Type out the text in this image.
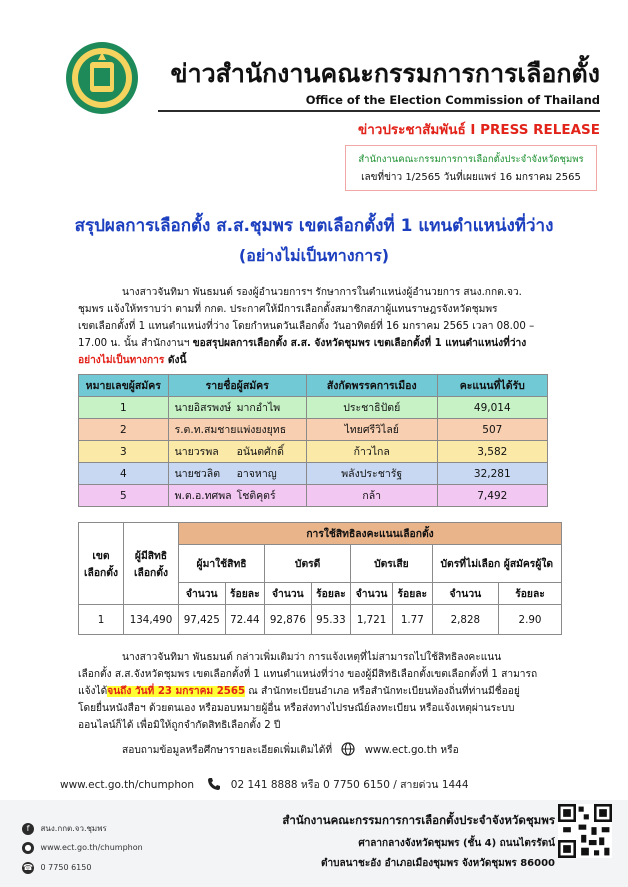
ข่าวสำนักงานคณะกรรมการการเลือกตั้ง
Office of the Election Commission of Thailand
ข่าวประชาสัมพันธ์ I PRESS RELEASE
สำนักงานคณะกรรมการการเลือกตั้งประจำจังหวัดชุมพร
เลขที่ข่าว 1/2565 วันที่เผยแพร่ 16 มกราคม 2565
สรุปผลการเลือกตั้ง ส.ส.ชุมพร เขตเลือกตั้งที่ 1 แทนตำแหน่งที่ว่าง
(อย่างไม่เป็นทางการ)
นางสาวจันทิมา พันธมนต์ รองผู้อำนวยการฯ รักษาการในตำแหน่งผู้อำนวยการ สนง.กกต.จว.
ชุมพร แจ้งให้ทราบว่า ตามที่ กกต. ประกาศให้มีการเลือกตั้งสมาชิกสภาผู้แทนราษฎรจังหวัดชุมพร
เขตเลือกตั้งที่ 1 แทนตำแหน่งที่ว่าง โดยกำหนดวันเลือกตั้ง วันอาทิตย์ที่ 16 มกราคม 2565 เวลา 08.00 –
17.00 น. นั้น สำนักงานฯ ขอสรุปผลการเลือกตั้ง ส.ส. จังหวัดชุมพร เขตเลือกตั้งที่ 1 แทนตำแหน่งที่ว่าง
อย่างไม่เป็นทางการ ดังนี้
หมายเลขผู้สมัคร	รายชื่อผู้สมัคร	สังกัดพรรคการเมือง	คะแนนที่ได้รับ
1	นายอิสรพงษ์ มากอำไพ	ประชาธิปัตย์	49,014
2	ร.ต.ท.สมชายแพ่งยงยุทธ	ไทยศรีวิไลย์	507
3	นายวรพล อนันตศักดิ์	ก้าวไกล	3,582
4	นายชวลิต อาจหาญ	พลังประชารัฐ	32,281
5	พ.ต.อ.ทศพล โชติคุตร์	กล้า	7,492
เขต เลือกตั้ง	ผู้มีสิทธิ เลือกตั้ง	การใช้สิทธิลงคะแนนเลือกตั้ง							
		ผู้มาใช้สิทธิ		บัตรดี		บัตรเสีย		บัตรที่ไม่เลือก ผู้สมัครผู้ใด	
		จำนวน	ร้อยละ	จำนวน	ร้อยละ	จำนวน	ร้อยละ	จำนวน	ร้อยละ
1	134,490	97,425	72.44	92,876	95.33	1,721	1.77	2,828	2.90
นางสาวจันทิมา พันธมนต์ กล่าวเพิ่มเติมว่า การแจ้งเหตุที่ไม่สามารถไปใช้สิทธิลงคะแนน
เลือกตั้ง ส.ส.จังหวัดชุมพร เขตเลือกตั้งที่ 1 แทนตำแหน่งที่ว่าง ของผู้มีสิทธิเลือกตั้งเขตเลือกตั้งที่ 1 สามารถ
แจ้งได้จนถึง วันที่ 23 มกราคม 2565 ณ สำนักทะเบียนอำเภอ หรือสำนักทะเบียนท้องถิ่นที่ท่านมีชื่ออยู่
โดยยื่นหนังสือฯ ด้วยตนเอง หรือมอบหมายผู้อื่น หรือส่งทางไปรษณีย์ลงทะเบียน หรือแจ้งเหตุผ่านระบบ
ออนไลน์ก็ได้ เพื่อมิให้ถูกจำกัดสิทธิเลือกตั้ง 2 ปี
สอบถามข้อมูลหรือศึกษารายละเอียดเพิ่มเติมได้ที่	www.ect.go.th หรือ
www.ect.go.th/chumphon	02 141 8888 หรือ 0 7750 6150 / สายด่วน 1444
f สนง.กกต.จว.ชุมพร
● www.ect.go.th/chumphon
☎ 0 7750 6150
สำนักงานคณะกรรมการการเลือกตั้งประจำจังหวัดชุมพร
ศาลากลางจังหวัดชุมพร (ชั้น 4) ถนนไตรรัตน์
ตำบลนาชะอัง อำเภอเมืองชุมพร จังหวัดชุมพร 86000
